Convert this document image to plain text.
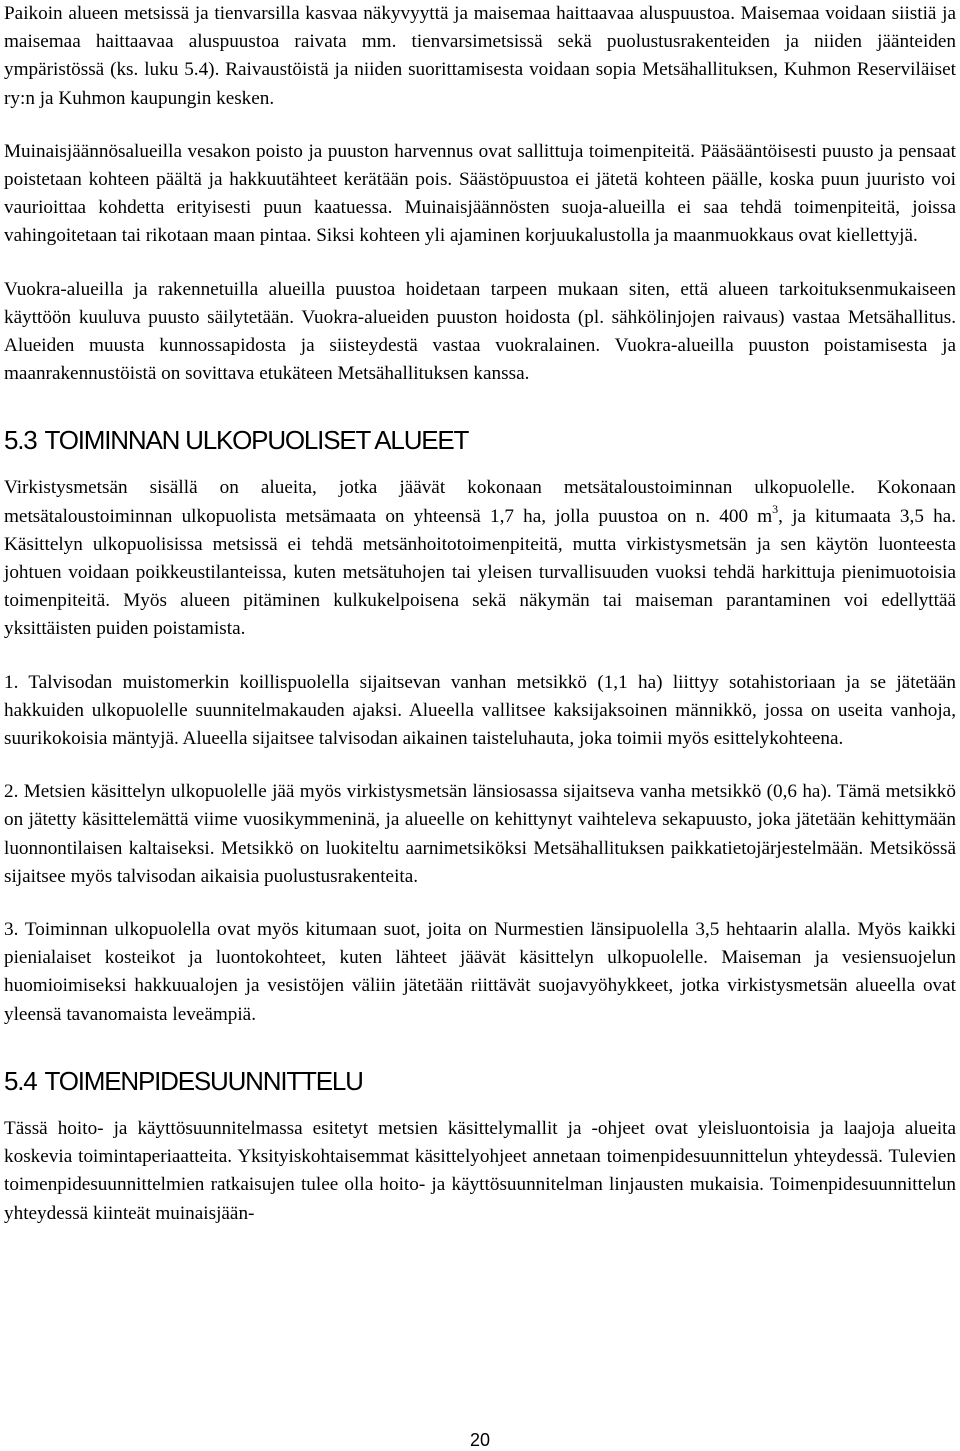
Paikoin alueen metsissä ja tienvarsilla kasvaa näkyvyyttä ja maisemaa haittaavaa aluspuustoa. Maisemaa voidaan siistiä ja maisemaa haittaavaa aluspuustoa raivata mm. tienvarsimetsissä sekä puolustusrakenteiden ja niiden jäänteiden ympäristössä (ks. luku 5.4). Raivaustöistä ja niiden suorittamisesta voidaan sopia Metsähallituksen, Kuhmon Reserviläiset ry:n ja Kuhmon kaupungin kesken.

Muinaisjäännösalueilla vesakon poisto ja puuston harvennus ovat sallittuja toimenpiteitä. Pääsääntöisesti puusto ja pensaat poistetaan kohteen päältä ja hakkuutähteet kerätään pois. Säästöpuustoa ei jätetä kohteen päälle, koska puun juuristo voi vaurioittaa kohdetta erityisesti puun kaatuessa. Muinaisjäännösten suoja-alueilla ei saa tehdä toimenpiteitä, joissa vahingoitetaan tai rikotaan maan pintaa. Siksi kohteen yli ajaminen korjuukalustolla ja maanmuokkaus ovat kiellettyjä.

Vuokra-alueilla ja rakennetuilla alueilla puustoa hoidetaan tarpeen mukaan siten, että alueen tarkoituksenmukaiseen käyttöön kuuluva puusto säilytetään. Vuokra-alueiden puuston hoidosta (pl. sähkölinjojen raivaus) vastaa Metsähallitus. Alueiden muusta kunnossapidosta ja siisteydestä vastaa vuokralainen. Vuokra-alueilla puuston poistamisesta ja maanrakennustöistä on sovittava etukäteen Metsähallituksen kanssa.

5.3 TOIMINNAN ULKOPUOLISET ALUEET

Virkistysmetsän sisällä on alueita, jotka jäävät kokonaan metsätaloustoiminnan ulkopuolelle. Kokonaan metsätaloustoiminnan ulkopuolista metsämaata on yhteensä 1,7 ha, jolla puustoa on n. 400 $m^3$, ja kitumaata 3,5 ha. Käsittelyn ulkopuolisissa metsissä ei tehdä metsänhoitotoimenpiteitä, mutta virkistysmetsän ja sen käytön luonteesta johtuen voidaan poikkeustilanteissa, kuten metsätuhojen tai yleisen turvallisuuden vuoksi tehdä harkittuja pienimuotoisia toimenpiteitä. Myös alueen pitäminen kulkukelpoisena sekä näkymän tai maiseman parantaminen voi edellyttää yksittäisten puiden poistamista.

1. Talvisodan muistomerkin koillispuolella sijaitsevan vanhan metsikkö (1,1 ha) liittyy sotahistoriaan ja se jätetään hakkuiden ulkopuolelle suunnitelmakauden ajaksi. Alueella vallitsee kaksijaksoinen männikkö, jossa on useita vanhoja, suurikokoisia mäntyjä. Alueella sijaitsee talvisodan aikainen taisteluhauta, joka toimii myös esittelykohteena.

2. Metsien käsittelyn ulkopuolelle jää myös virkistysmetsän länsiosassa sijaitseva vanha metsikkö (0,6 ha). Tämä metsikkö on jätetty käsittelemättä viime vuosikymmeninä, ja alueelle on kehittynyt vaihteleva sekapuusto, joka jätetään kehittymään luonnontilaisen kaltaiseksi. Metsikkö on luokiteltu aarnimetsiköksi Metsähallituksen paikkatietojärjestelmään. Metsikössä sijaitsee myös talvisodan aikaisia puolustusrakenteita.

3. Toiminnan ulkopuolella ovat myös kitumaan suot, joita on Nurmestien länsipuolella 3,5 hehtaarin alalla. Myös kaikki pienialaiset kosteikot ja luontokohteet, kuten lähteet jäävät käsittelyn ulkopuolelle. Maiseman ja vesiensuojelun huomioimiseksi hakkuualojen ja vesistöjen väliin jätetään riittävät suojavyöhykkeet, jotka virkistysmetsän alueella ovat yleensä tavanomaista leveämpiä.

5.4 TOIMENPIDESUUNNITTELU

Tässä hoito- ja käyttösuunnitelmassa esitetyt metsien käsittelymallit ja -ohjeet ovat yleisluontoisia ja laajoja alueita koskevia toimintaperiaatteita. Yksityiskohtaisemmat käsittelyohjeet annetaan toimenpidesuunnittelun yhteydessä. Tulevien toimenpidesuunnittelmien ratkaisujen tulee olla hoito- ja käyttösuunnitelman linjausten mukaisia. Toimenpidesuunnittelun yhteydessä kiinteät muinaisjään-

20
